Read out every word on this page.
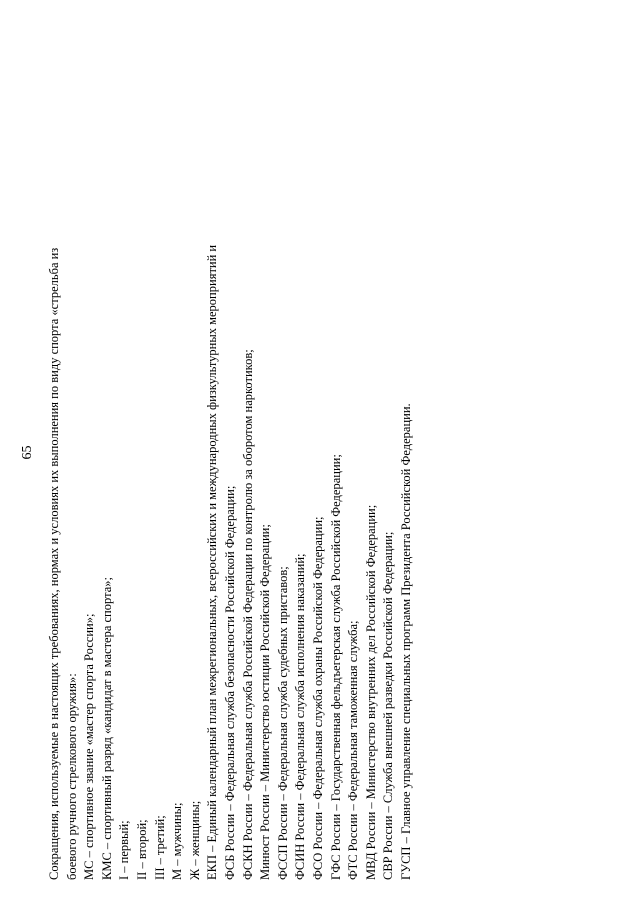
65 Сокращения, используемые в настоящих требованиях, нормах и условиях их выполнения по виду спорта «стрельба из боевого ручного стрелкового оружия»: МС – спортивное звание «мастер спорта России»; КМС – спортивный разряд «кандидат в мастера спорта»; I – первый; II – второй; III – третий; М – мужчины; Ж – женщины; ЕКП – Единый календарный план межрегиональных, всероссийских и международных физкультурных мероприятий и ФСБ России – Федеральная служба безопасности Российской Федерации; ФСКН России – Федеральная служба Российской Федерации по контролю за оборотом наркотиков; Минюст России – Министерство юстиции Российской Федерации; ФССП России – Федеральная служба судебных приставов; ФСИН России – Федеральная служба исполнения наказаний; ФСО России – Федеральная служба охраны Российской Федерации; ГФС России – Государственная фельдъегерская служба Российской Федерации; ФТС России – Федеральная таможенная служба; МВД России – Министерство внутренних дел Российской Федерации; СВР России – Служба внешней разведки Российской Федерации; ГУСП – Главное управление специальных программ Президента Российской Федерации.
